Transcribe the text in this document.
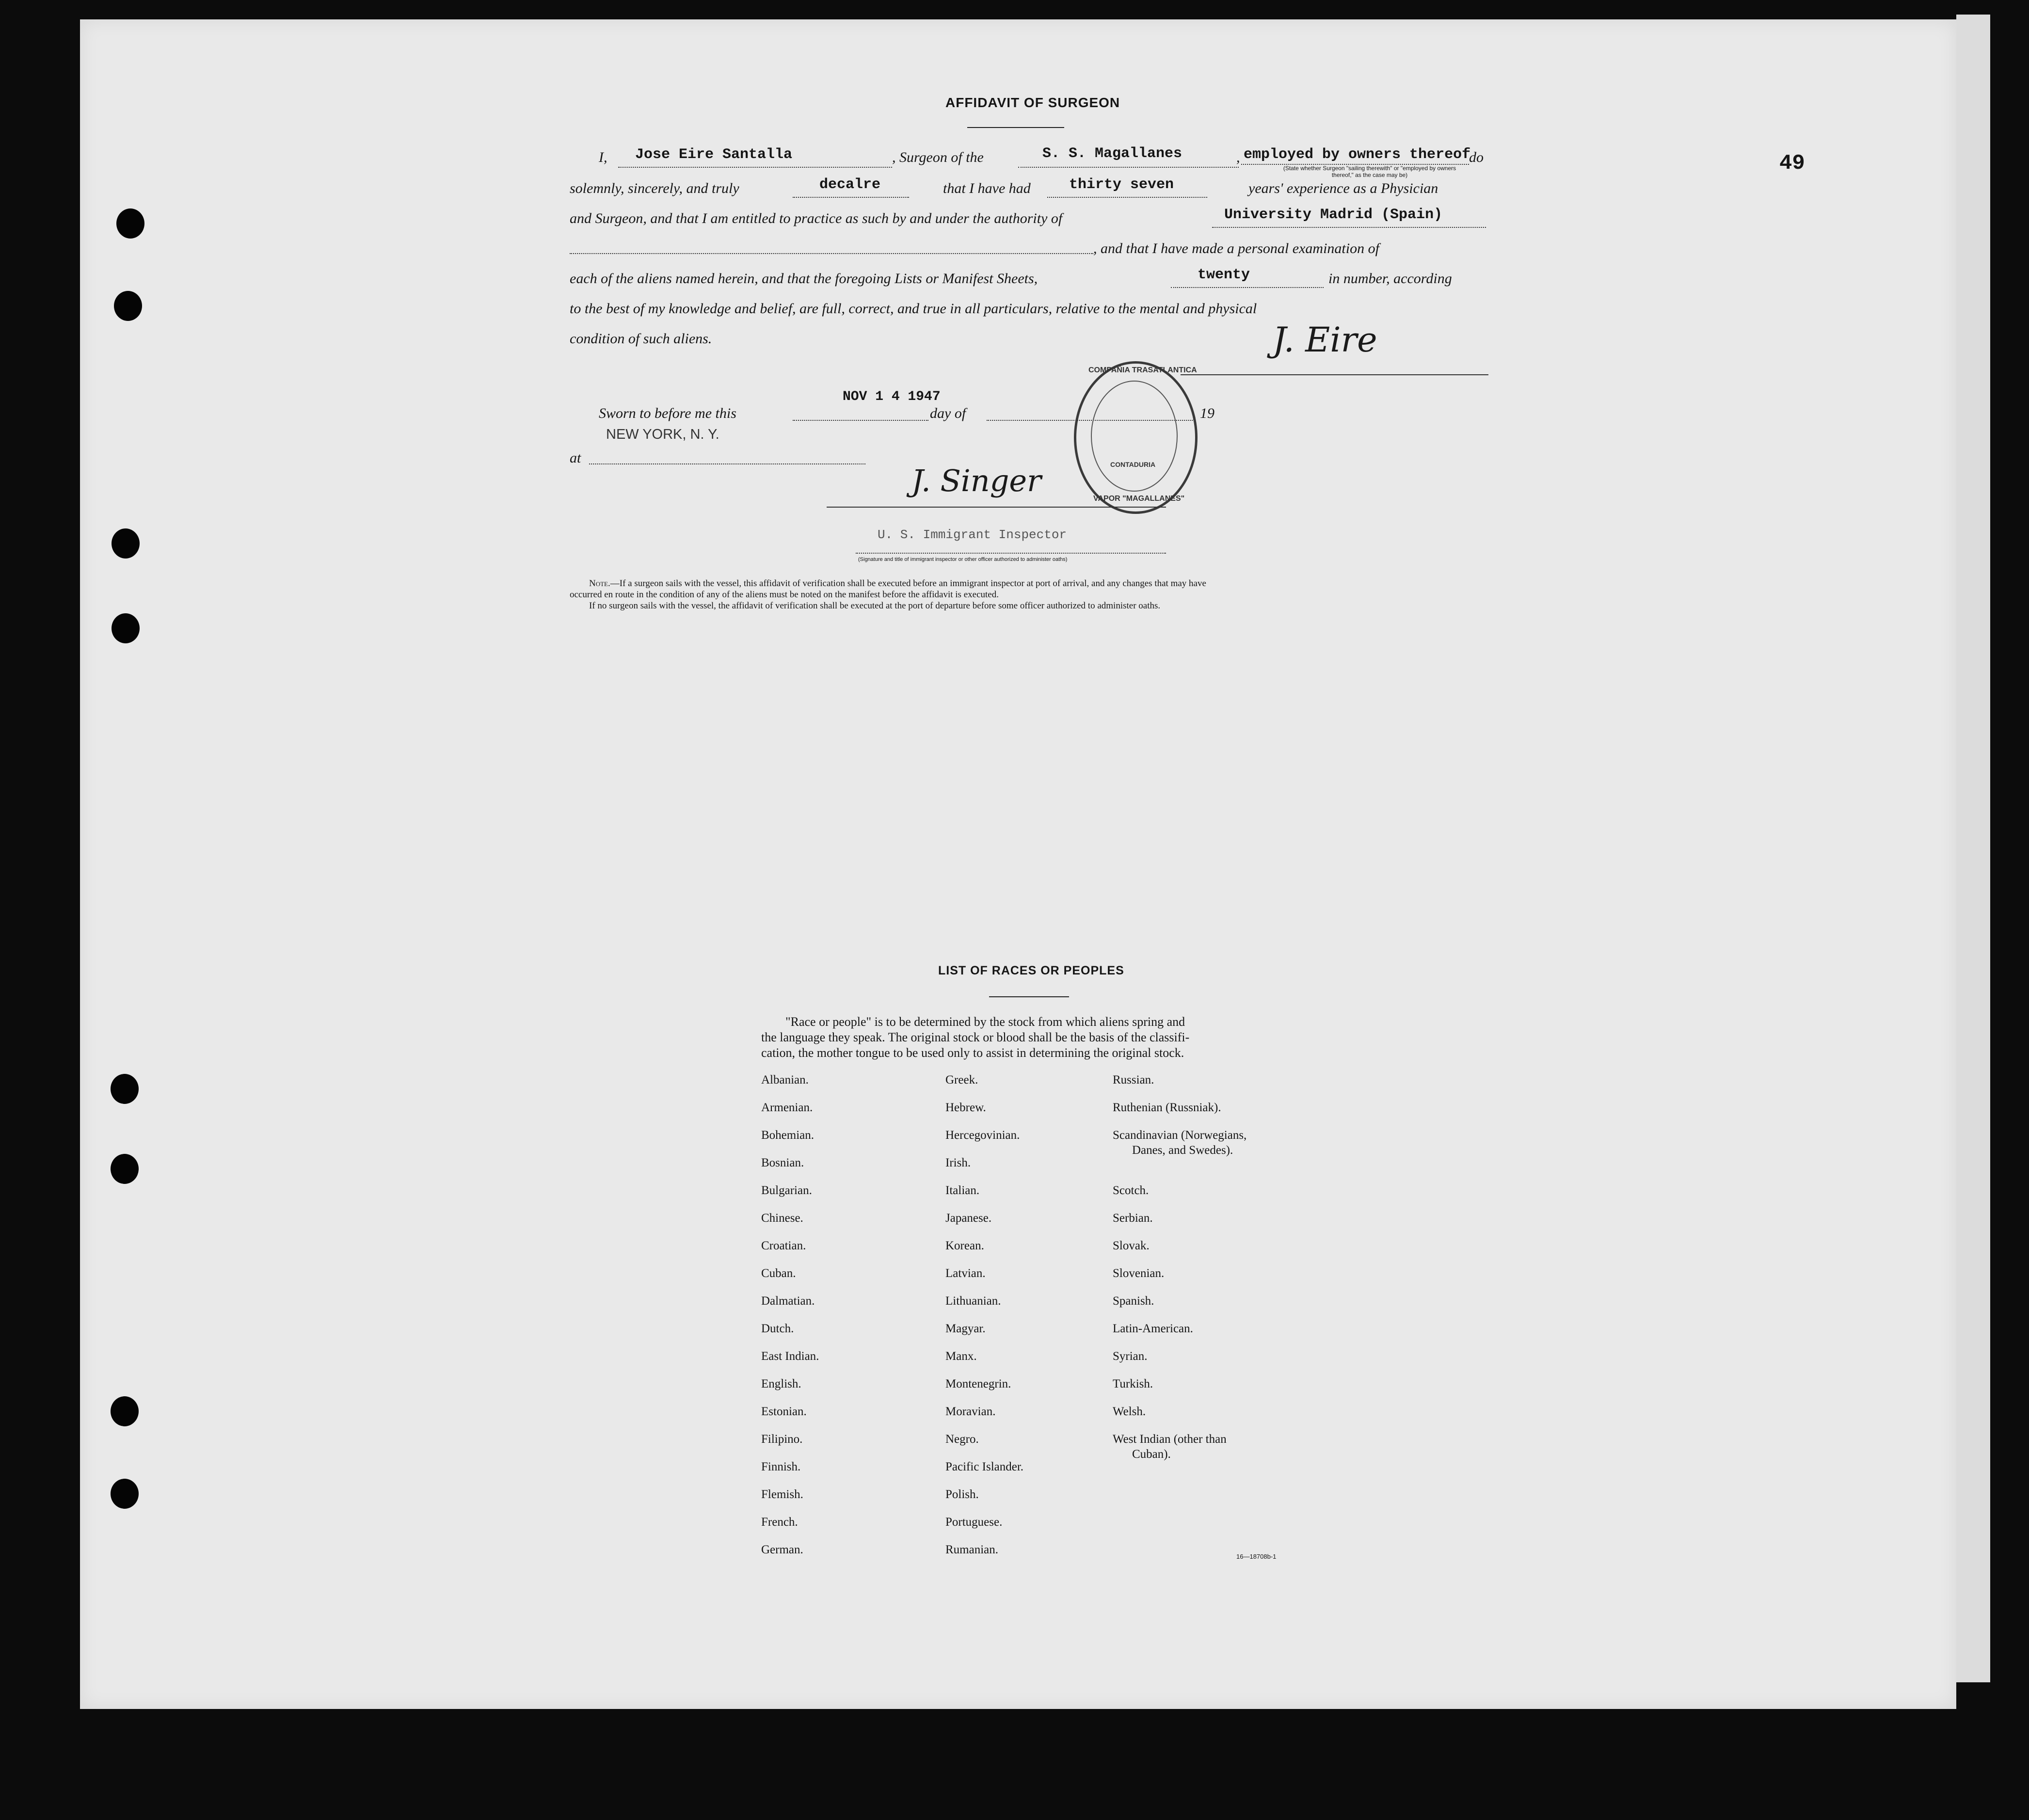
49
AFFIDAVIT OF SURGEON
I, Jose Eire Santalla	, Surgeon of the	S. S. Magallanes	, employed by owners thereof
(State whether Surgeon "sailing therewith" or "employed by owners thereof," as the case may be)
do
solemnly, sincerely, and truly	decalre	that I have had	thirty seven	years' experience as a Physician
and Surgeon, and that I am entitled to practice as such by and under the authority of	University Madrid (Spain)
, and that I have made a personal examination of
each of the aliens named herein, and that the foregoing Lists or Manifest Sheets,	twenty	in number, according
to the best of my knowledge and belief, are full, correct, and true in all particulars, relative to the mental and physical
condition of such aliens.	J. Eire
Sworn to before me this
NOV 1 4 1947
day of	, 19
NEW YORK, N. Y.
at
COMPAÑIA TRASATLANTICA
CONTADURIA
VAPOR "MAGALLANES"
J. Singer
U. S. Immigrant Inspector
(Signature and title of immigrant inspector or other officer authorized to administer oaths)
Note.—If a surgeon sails with the vessel, this affidavit of verification shall be executed before an immigrant inspector at port of arrival, and any changes that may have
occurred en route in the condition of any of the aliens must be noted on the manifest before the affidavit is executed.
If no surgeon sails with the vessel, the affidavit of verification shall be executed at the port of departure before some officer authorized to administer oaths.
LIST OF RACES OR PEOPLES
"Race or people" is to be determined by the stock from which aliens spring and
the language they speak. The original stock or blood shall be the basis of the classifi-
cation, the mother tongue to be used only to assist in determining the original stock.
Albanian.
Armenian.
Bohemian.
Bosnian.
Bulgarian.
Chinese.
Croatian.
Cuban.
Dalmatian.
Dutch.
East Indian.
English.
Estonian.
Filipino.
Finnish.
Flemish.
French.
German.
Greek.
Hebrew.
Hercegovinian.
Irish.
Italian.
Japanese.
Korean.
Latvian.
Lithuanian.
Magyar.
Manx.
Montenegrin.
Moravian.
Negro.
Pacific Islander.
Polish.
Portuguese.
Rumanian.
Russian.
Ruthenian (Russniak).
Scandinavian (Norwegians,
Danes, and Swedes).
Scotch.
Serbian.
Slovak.
Slovenian.
Spanish.
Latin-American.
Syrian.
Turkish.
Welsh.
West Indian (other than
Cuban).
16—18708b-1
